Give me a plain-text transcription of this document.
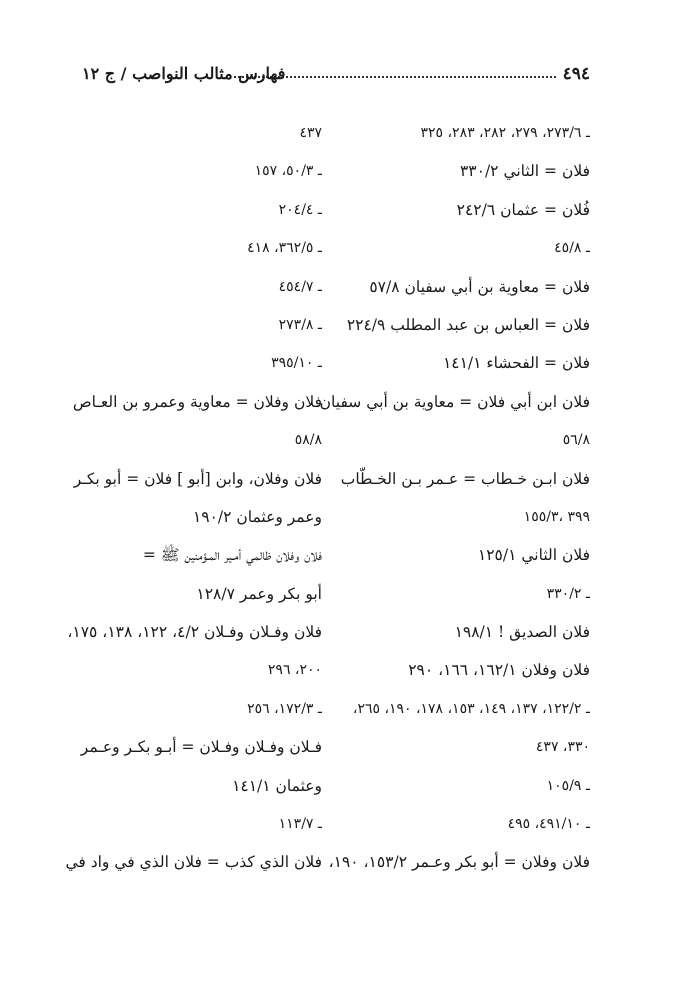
٤٩٤
فهارس مثالب النواصب / ج ١٢
ـ ٢٧٣/٦، ٢٧٩، ٢٨٢، ٢٨٣، ٣٢٥
فلان = الثاني ٣٣٠/٢
فُلان = عثمان ٢٤٢/٦
ـ ٤٥/٨
فلان = معاوية بن أبي سفيان ٥٧/٨
فلان = العباس بن عبد المطلب ٢٢٤/٩
فلان = الفحشاء ١٤١/١
فلان ابن أبي فلان = معاوية بن أبي سفيان
٥٦/٨
فلان ابـن خـطاب = عـمر بـن الخـطّاب
٣٩٩ ،١٥٥/٣
فلان الثاني ١٢٥/١
ـ ٣٣٠/٢
فلان الصديق ! ١٩٨/١
فلان وفلان ١٦٢/١، ١٦٦، ٢٩٠
ـ ١٢٢/٢، ١٣٧، ١٤٩، ١٥٣، ١٧٨، ١٩٠، ٢٦٥،
٣٣٠، ٤٣٧
ـ ١٠٥/٩
ـ ٤٩١/١٠، ٤٩٥
فلان وفلان = أبو بكر وعـمر ١٥٣/٢، ١٩٠،
٤٣٧
ـ ٥٠/٣، ١٥٧
ـ ٢٠٤/٤
ـ ٣٦٢/٥، ٤١٨
ـ ٤٥٤/٧
ـ ٢٧٣/٨
ـ ٣٩٥/١٠
فلان وفلان = معاوية وعمرو بن العـاص
٥٨/٨
فلان وفلان، وابن [أبو ] فلان = أبو بكـر
وعمر وعثمان ١٩٠/٢
فلان وفلان ظالمي أمـير المـؤمنين ﷺ =
أبو بكر وعمر ١٢٨/٧
فلان وفـلان وفـلان ٤/٢، ١٢٢، ١٣٨، ١٧٥،
٢٠٠، ٢٩٦
ـ ١٧٢/٣، ٢٥٦
فـلان وفـلان وفـلان = أبـو بكـر وعـمر
وعثمان ١٤١/١
ـ ١١٣/٧
فلان الذي كذب = فلان الذي في واد في
